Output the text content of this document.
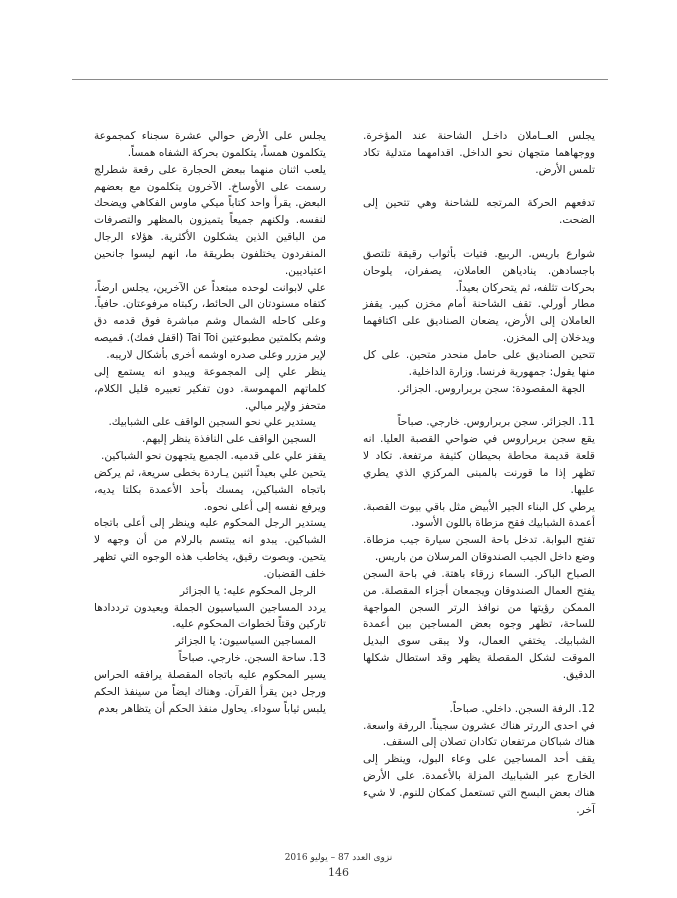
يجلس العــاملان داخـل الشاحنة عند المؤخرة. ووجهاهما متجهان نحو الداخل. اقدامهما متدلية تكاد تلمس الأرض.

تدفعهم الحركة المرتجه للشاحنة وهي تتحين إلى الضحت.

شوارع باريس. الربيع. فتيات بأثواب رقيقة تلتصق باجسادهن. ينادياهن العاملان، يصفران، يلوحان بحركات تثلفه، ثم يتحركان بعيداً.

مطار أورلي. تقف الشاحنة أمام مخزن كبير. يقفز العاملان إلى الأرض، يضعان الصناديق على اكتافهما ويدخلان إلى المخزن.

تتحين الصناديق على حامل منحدر متحين. على كل منها يقول: جمهورية فرنسا. وزارة الداخلية.

الجهة المقصودة: سجن بربراروس. الجزائر.

11. الجزائر. سجن بربراروس. خارجي. صباحاً

يقع سجن بربراروس في ضواحي القصبة العليا. انه قلعة قديمة محاطة بحيطان كثيفة مرتفعة. تكاد لا تظهر إذا ما قورنت بالمبنى المركزي الذي يطري عليها.

يرطي كل البناء الجير الأبيض مثل باقي بيوت القصبة. أعمدة الشبابيك فقح مزطاة باللون الأسود.

تفتح البوابة. تدخل باحة السجن سيارة جيب مزطاة. وضع داخل الجيب الصندوقان المرسلان من باريس.

الصباح الباكر. السماء زرقاء باهتة. في باحة السجن يفتح العمال الصندوقان ويجمعان أجزاء المقصلة. من الممكن رؤيتها من نوافذ الرتر السجن المواجهة للساحة، تظهر وجوه بعض المساجين بين أعمدة الشبابيك. يختفي العمال، ولا يبقى سوى البديل الموقت لشكل المقصلة يظهر وقد استطال شكلها الدقيق.

12. الرفة السجن. داخلي. صباحاً.

في احدى الررتر هناك عشرون سجيناً. الررفة واسعة. هناك شباكان مرتفعان تكادان تصلان إلى السقف.

يقف أحد المساجين على وعاء البول، وينظر إلى الخارج عبر الشبابيك المزلة بالأعمدة. على الأرض هناك بعض البسح التي تستعمل كمكان للنوم. لا شيء آخر.

يجلس على الأرض حوالي عشرة سجناء كمجموعة يتكلمون همساً، يتكلمون بحركة الشفاه همساً.

يلعب اثنان منهما ببعض الحجارة على رقعة شطرلج رسمت على الأوساخ. الآخرون يتكلمون مع بعضهم البعض. يقرأ واحد كتاباً ميكي ماوس الفكاهي ويضحك لنفسه. ولكنهم جميعاً يتميزون بالمظهر والتصرفات من الباقين الذين يشكلون الأكثرية. هؤلاء الرجال المنفردون يختلفون بطريقة ما، انهم ليسوا جانحين اعتياديين.

علي لابوانت لوحده مبتعداً عن الآخرين، يجلس ارضاً، كتفاه مسنودتان الى الحائط، ركبتاه مرفوعتان. حافياً. وعلى كاحله الشمال وشم مباشرة فوق قدمه دق وشم بكلمتين مطبوعتين Tai Toi (اقفل فمك). قميصه لإير مزرر وعلى صدره اوشمه أخرى بأشكال لاريبه.

ينظر علي إلى المجموعة ويبدو انه يستمع إلى كلماتهم المهموسة. دون تفكير تعبيره قليل الكلام، متحفز ولإير مبالي.

يستدير علي نحو السجين الواقف على الشبابيك.

السجين الواقف على النافذة ينظر إليهم.

يقفز علي على قدميه. الجميع يتجهون نحو الشباكين.

يتحين علي بعيداً اثنين يـاردة بخطى سريعة، ثم يركض باتجاه الشباكين، يمسك بأحد الأعمدة بكلتا يديه، ويرفع نفسه إلى أعلى نحوه.

يستدير الرجل المحكوم عليه وينظر إلى أعلى باتجاه الشباكين. يبدو انه يبتسم بالرلام من أن وجهه لا يتحين. وبصوت رقيق، يخاطب هذه الوجوه التي تظهر خلف القضبان.

الرجل المحكوم عليه: يا الجزائر

يردد المساجين السياسيون الجملة ويعيدون ترددادها تاركين وقتاً لخطوات المحكوم عليه.

المساجين السياسيون: يا الجزائر

13. ساحة السجن. خارجي. صباحاً

يسير المحكوم عليه باتجاه المقصلة يرافقه الحراس ورجل دين يقرأ القرآن. وهناك ايضاً من سينفذ الحكم يلبس ثياباً سوداء. يحاول منفذ الحكم أن يتظاهر بعدم

نزوى العدد 87 – يوليو 2016
146
